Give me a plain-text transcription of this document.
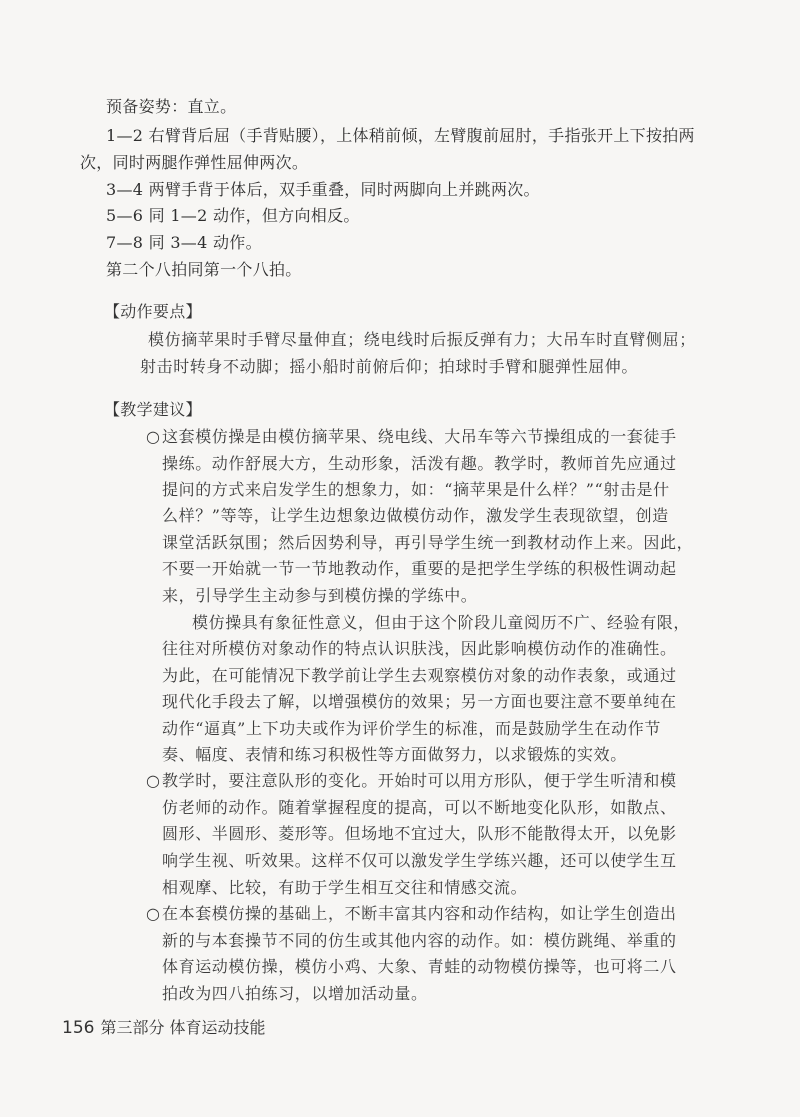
预备姿势：直立。
1—2 右臂背后屈（手背贴腰），上体稍前倾，左臂腹前屈肘，手指张开上下按拍两
次，同时两腿作弹性屈伸两次。
3—4 两臂手背于体后，双手重叠，同时两脚向上并跳两次。
5—6 同 1—2 动作，但方向相反。
7—8 同 3—4 动作。
第二个八拍同第一个八拍。
【动作要点】
模仿摘苹果时手臂尽量伸直；绕电线时后振反弹有力；大吊车时直臂侧屈；
射击时转身不动脚；摇小船时前俯后仰；拍球时手臂和腿弹性屈伸。
【教学建议】
○ 这套模仿操是由模仿摘苹果、绕电线、大吊车等六节操组成的一套徒手
操练。动作舒展大方，生动形象，活泼有趣。教学时，教师首先应通过
提问的方式来启发学生的想象力，如：“摘苹果是什么样？”“射击是什
么样？”等等，让学生边想象边做模仿动作，激发学生表现欲望，创造
课堂活跃氛围；然后因势利导，再引导学生统一到教材动作上来。因此，
不要一开始就一节一节地教动作，重要的是把学生学练的积极性调动起
来，引导学生主动参与到模仿操的学练中。
模仿操具有象征性意义，但由于这个阶段儿童阅历不广、经验有限，
往往对所模仿对象动作的特点认识肤浅，因此影响模仿动作的准确性。
为此，在可能情况下教学前让学生去观察模仿对象的动作表象，或通过
现代化手段去了解，以增强模仿的效果；另一方面也要注意不要单纯在
动作“逼真”上下功夫或作为评价学生的标准，而是鼓励学生在动作节
奏、幅度、表情和练习积极性等方面做努力，以求锻炼的实效。
○ 教学时，要注意队形的变化。开始时可以用方形队，便于学生听清和模
仿老师的动作。随着掌握程度的提高，可以不断地变化队形，如散点、
圆形、半圆形、菱形等。但场地不宜过大，队形不能散得太开，以免影
响学生视、听效果。这样不仅可以激发学生学练兴趣，还可以使学生互
相观摩、比较，有助于学生相互交往和情感交流。
○ 在本套模仿操的基础上，不断丰富其内容和动作结构，如让学生创造出
新的与本套操节不同的仿生或其他内容的动作。如：模仿跳绳、举重的
体育运动模仿操，模仿小鸡、大象、青蛙的动物模仿操等，也可将二八
拍改为四八拍练习，以增加活动量。
156 第三部分 体育运动技能
